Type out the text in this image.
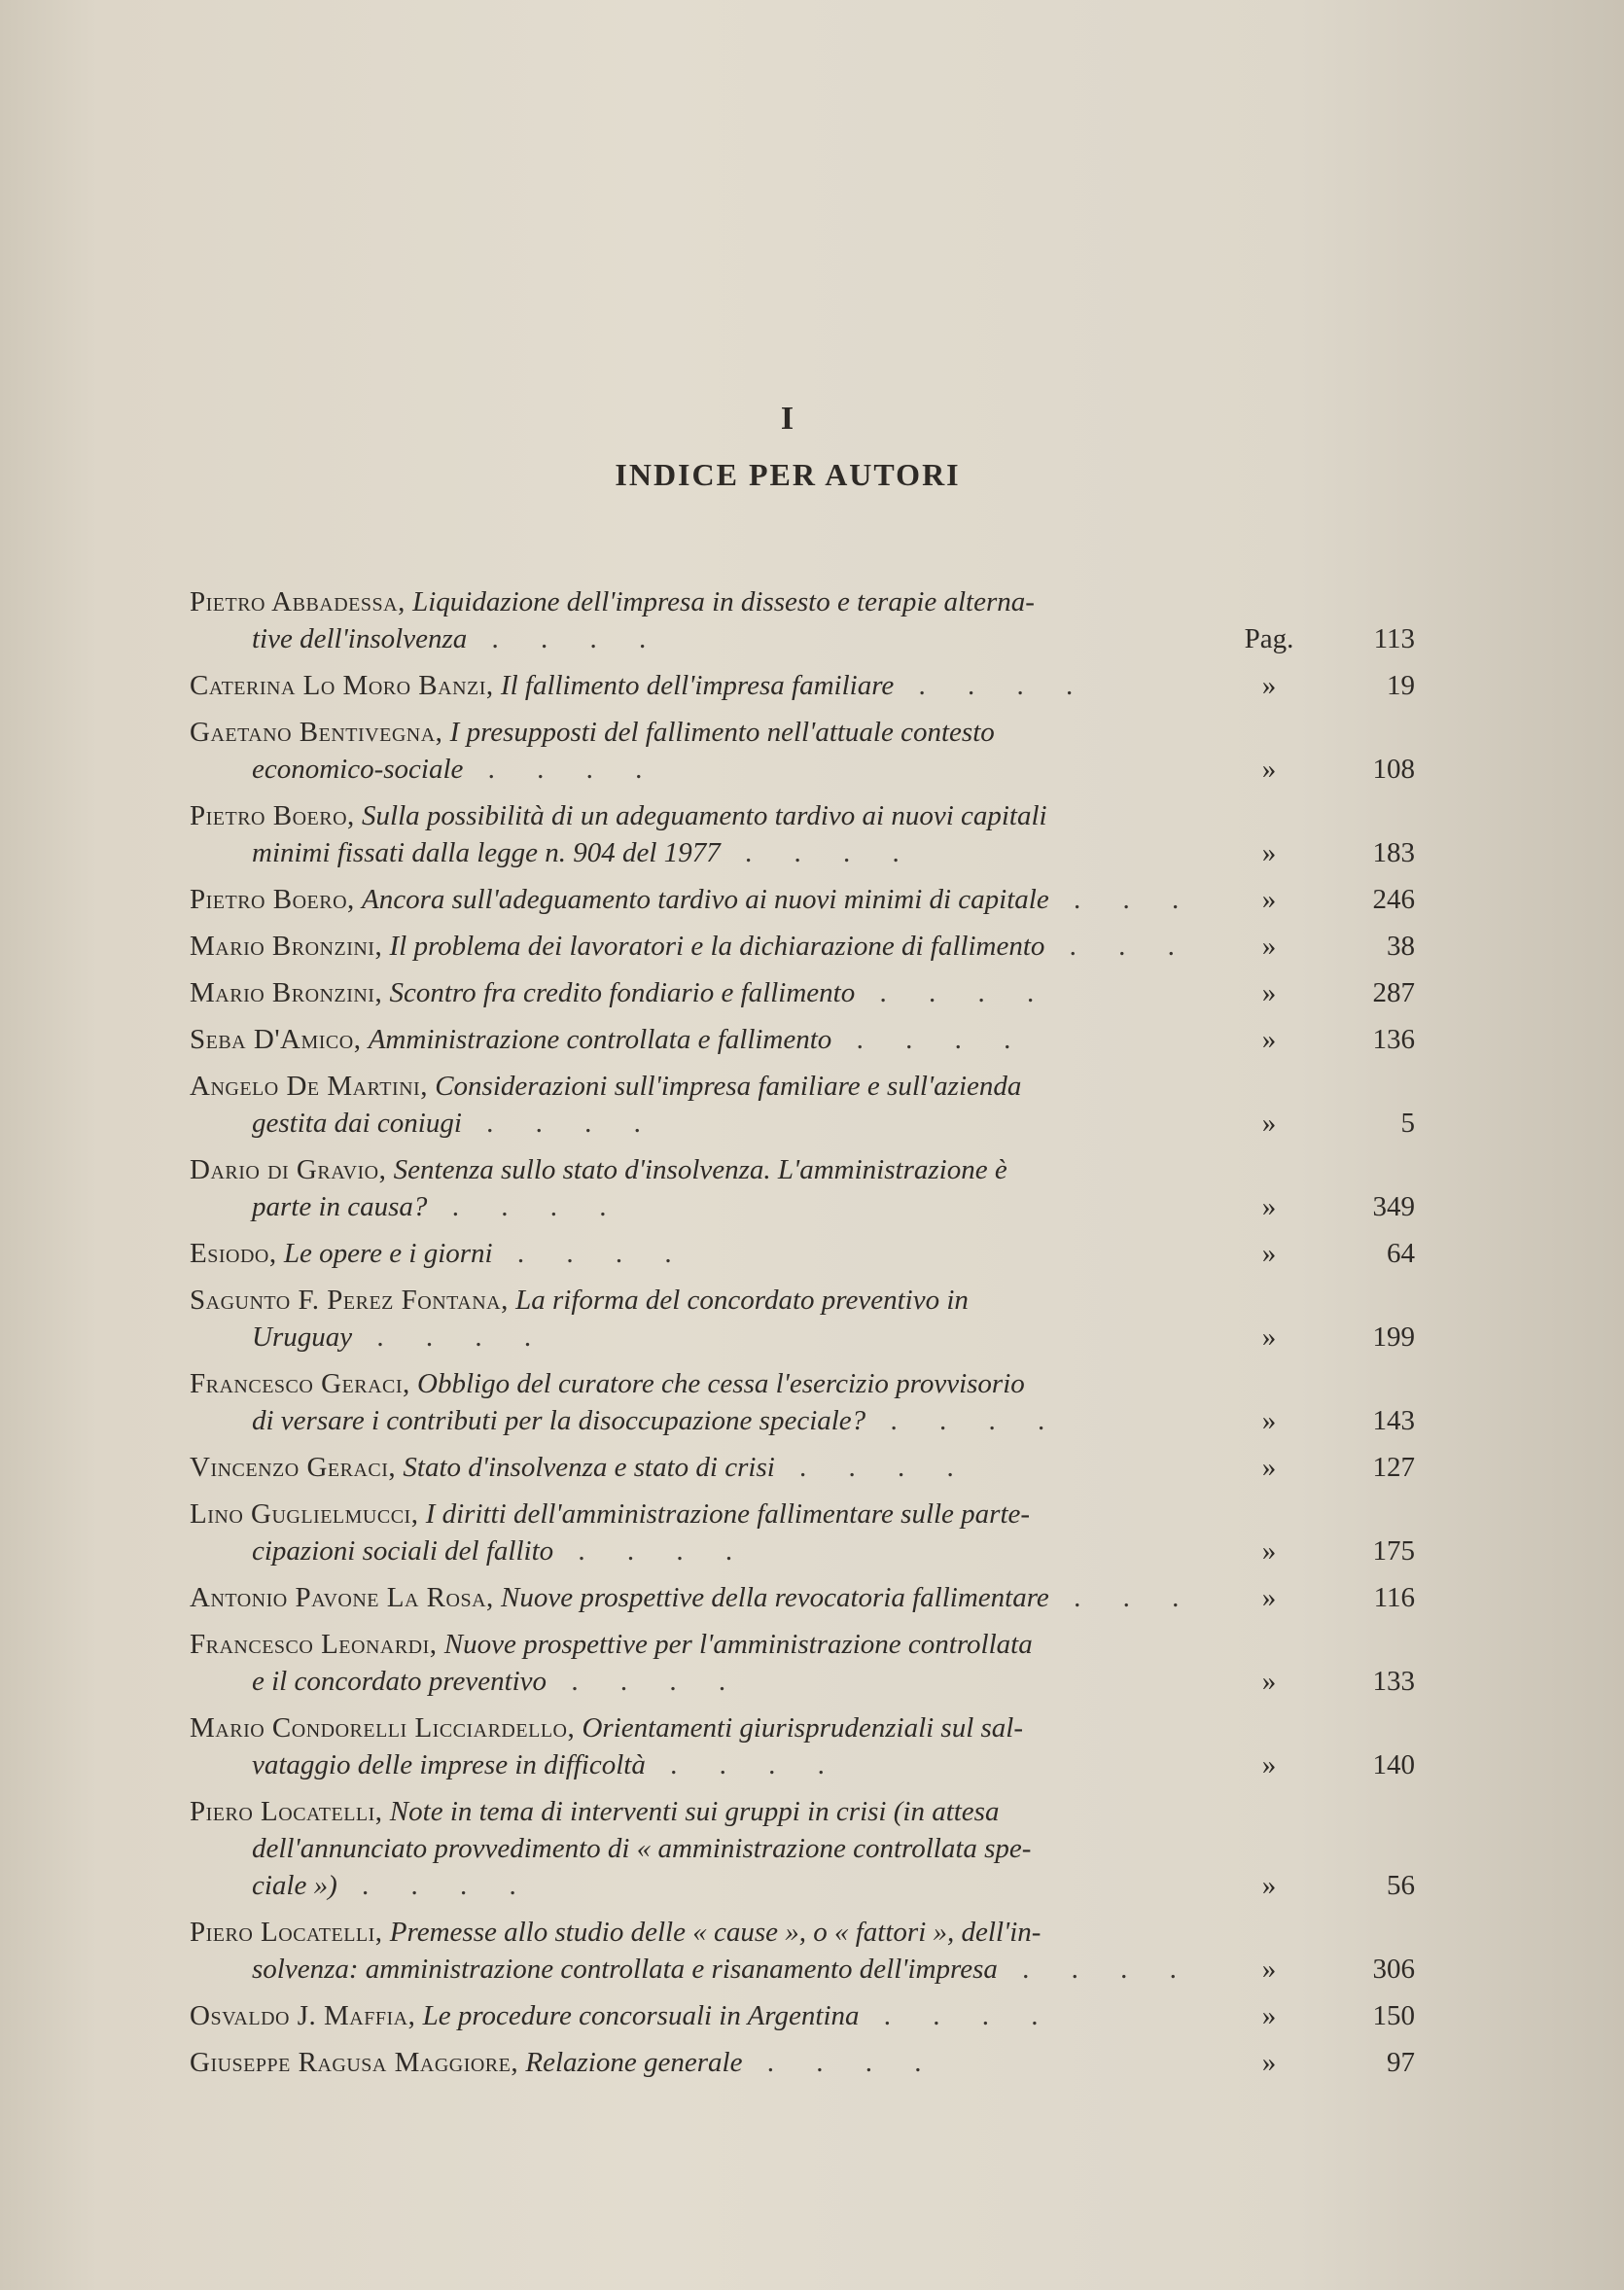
I
INDICE PER AUTORI
Pietro Abbadessa, Liquidazione dell'impresa in dissesto e terapie alterna-
tive dell'insolvenza . . . .	Pag.	113
Caterina Lo Moro Banzi, Il fallimento dell'impresa familiare . . . .	»	19
Gaetano Bentivegna, I presupposti del fallimento nell'attuale contesto
economico-sociale . . . .	»	108
Pietro Boero, Sulla possibilità di un adeguamento tardivo ai nuovi capitali
minimi fissati dalla legge n. 904 del 1977 . . . .	»	183
Pietro Boero, Ancora sull'adeguamento tardivo ai nuovi minimi di capitale . . .	»	246
Mario Bronzini, Il problema dei lavoratori e la dichiarazione di fallimento . . .	»	38
Mario Bronzini, Scontro fra credito fondiario e fallimento . . . .	»	287
Seba D'Amico, Amministrazione controllata e fallimento . . . .	»	136
Angelo De Martini, Considerazioni sull'impresa familiare e sull'azienda
gestita dai coniugi . . . .	»	5
Dario di Gravio, Sentenza sullo stato d'insolvenza. L'amministrazione è
parte in causa? . . . .	»	349
Esiodo, Le opere e i giorni . . . .	»	64
Sagunto F. Perez Fontana, La riforma del concordato preventivo in
Uruguay . . . .	»	199
Francesco Geraci, Obbligo del curatore che cessa l'esercizio provvisorio
di versare i contributi per la disoccupazione speciale? . . . .	»	143
Vincenzo Geraci, Stato d'insolvenza e stato di crisi . . . .	»	127
Lino Guglielmucci, I diritti dell'amministrazione fallimentare sulle parte-
cipazioni sociali del fallito . . . .	»	175
Antonio Pavone La Rosa, Nuove prospettive della revocatoria fallimentare . . .	»	116
Francesco Leonardi, Nuove prospettive per l'amministrazione controllata
e il concordato preventivo . . . .	»	133
Mario Condorelli Licciardello, Orientamenti giurisprudenziali sul sal-
vataggio delle imprese in difficoltà . . . .	»	140
Piero Locatelli, Note in tema di interventi sui gruppi in crisi (in attesa
dell'annunciato provvedimento di « amministrazione controllata spe-
ciale ») . . . .	»	56
Piero Locatelli, Premesse allo studio delle « cause », o « fattori », dell'in-
solvenza: amministrazione controllata e risanamento dell'impresa . . . .	»	306
Osvaldo J. Maffia, Le procedure concorsuali in Argentina . . . .	»	150
Giuseppe Ragusa Maggiore, Relazione generale . . . .	»	97
